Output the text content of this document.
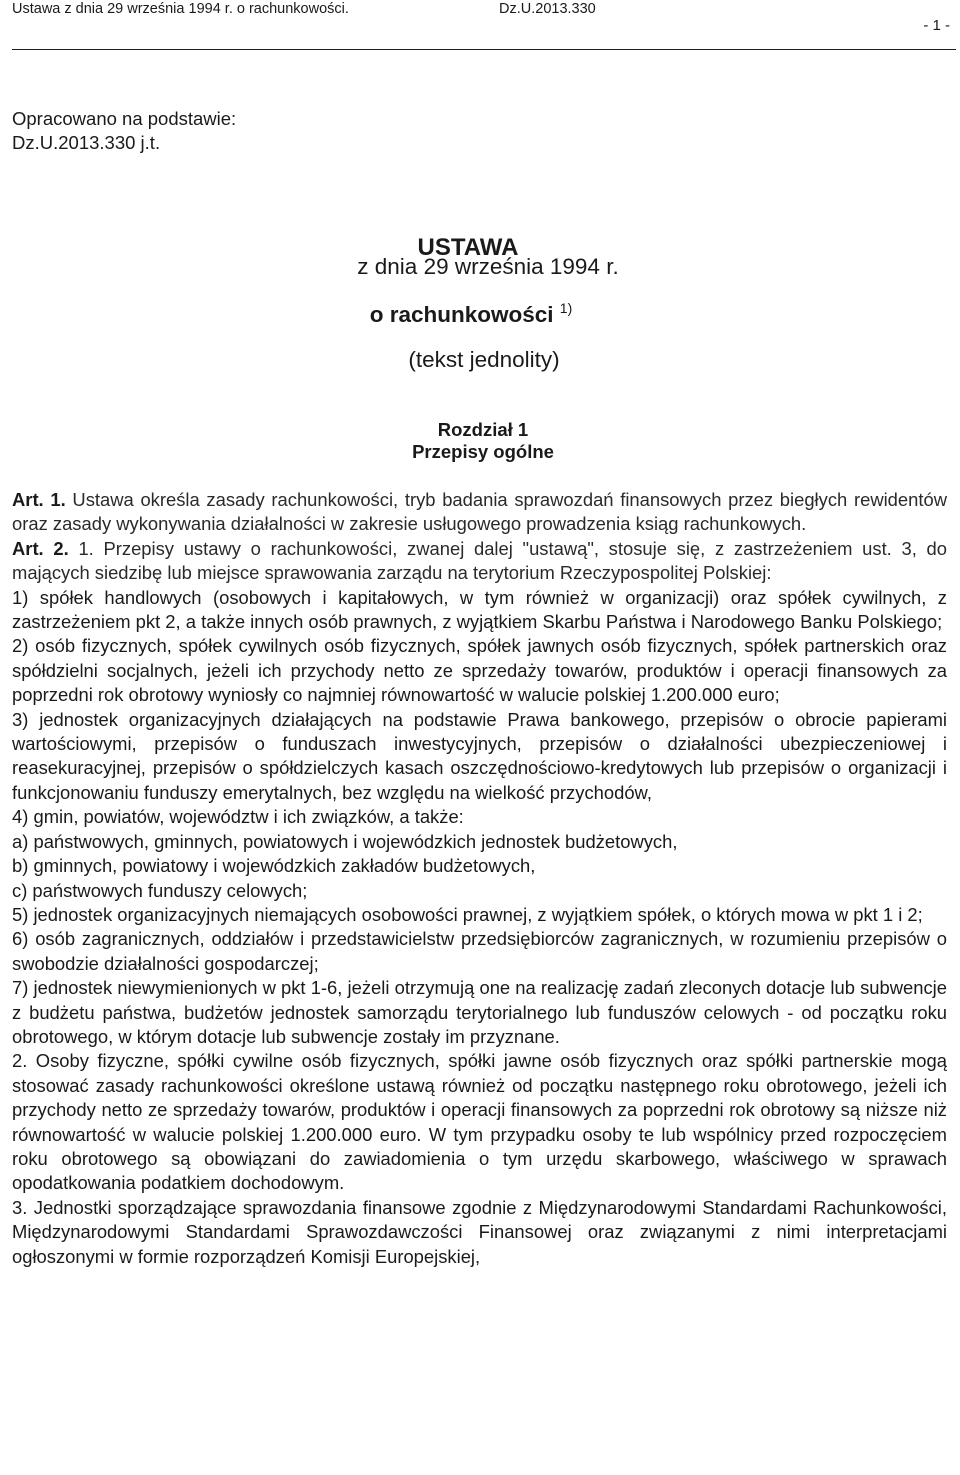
Ustawa z dnia 29 września 1994 r. o rachunkowości.	Dz.U.2013.330
- 1 -
Opracowano na podstawie:
Dz.U.2013.330 j.t.
USTAWA
z dnia 29 września 1994 r.
o rachunkowości $^{1)}$
(tekst jednolity)
Rozdział 1
Przepisy ogólne

Art. 1. Ustawa określa zasady rachunkowości, tryb badania sprawozdań finansowych przez biegłych rewidentów oraz zasady wykonywania działalności w zakresie usługowego prowadzenia ksiąg rachunkowych.

Art. 2. 1. Przepisy ustawy o rachunkowości, zwanej dalej "ustawą", stosuje się, z zastrzeżeniem ust. 3, do mających siedzibę lub miejsce sprawowania zarządu na terytorium Rzeczypospolitej Polskiej:

1) spółek handlowych (osobowych i kapitałowych, w tym również w organizacji) oraz spółek cywilnych, z zastrzeżeniem pkt 2, a także innych osób prawnych, z wyjątkiem Skarbu Państwa i Narodowego Banku Polskiego;

2) osób fizycznych, spółek cywilnych osób fizycznych, spółek jawnych osób fizycznych, spółek partnerskich oraz spółdzielni socjalnych, jeżeli ich przychody netto ze sprzedaży towarów, produktów i operacji finansowych za poprzedni rok obrotowy wyniosły co najmniej równowartość w walucie polskiej 1.200.000 euro;

3) jednostek organizacyjnych działających na podstawie Prawa bankowego, przepisów o obrocie papierami wartościowymi, przepisów o funduszach inwestycyjnych, przepisów o działalności ubezpieczeniowej i reasekuracyjnej, przepisów o spółdzielczych kasach oszczędnościowo-kredytowych lub przepisów o organizacji i funkcjonowaniu funduszy emerytalnych, bez względu na wielkość przychodów,

4) gmin, powiatów, województw i ich związków, a także:

a) państwowych, gminnych, powiatowych i wojewódzkich jednostek budżetowych,

b) gminnych, powiatowy i wojewódzkich zakładów budżetowych,

c) państwowych funduszy celowych;

5) jednostek organizacyjnych niemających osobowości prawnej, z wyjątkiem spółek, o których mowa w pkt 1 i 2;

6) osób zagranicznych, oddziałów i przedstawicielstw przedsiębiorców zagranicznych, w rozumieniu przepisów o swobodzie działalności gospodarczej;

7) jednostek niewymienionych w pkt 1-6, jeżeli otrzymują one na realizację zadań zleconych dotacje lub subwencje z budżetu państwa, budżetów jednostek samorządu terytorialnego lub funduszów celowych - od początku roku obrotowego, w którym dotacje lub subwencje zostały im przyznane.

2. Osoby fizyczne, spółki cywilne osób fizycznych, spółki jawne osób fizycznych oraz spółki partnerskie mogą stosować zasady rachunkowości określone ustawą również od początku następnego roku obrotowego, jeżeli ich przychody netto ze sprzedaży towarów, produktów i operacji finansowych za poprzedni rok obrotowy są niższe niż równowartość w walucie polskiej 1.200.000 euro. W tym przypadku osoby te lub wspólnicy przed rozpoczęciem roku obrotowego są obowiązani do zawiadomienia o tym urzędu skarbowego, właściwego w sprawach opodatkowania podatkiem dochodowym.

3. Jednostki sporządzające sprawozdania finansowe zgodnie z Międzynarodowymi Standardami Rachunkowości, Międzynarodowymi Standardami Sprawozdawczości Finansowej oraz związanymi z nimi interpretacjami ogłoszonymi w formie rozporządzeń Komisji Europejskiej,
